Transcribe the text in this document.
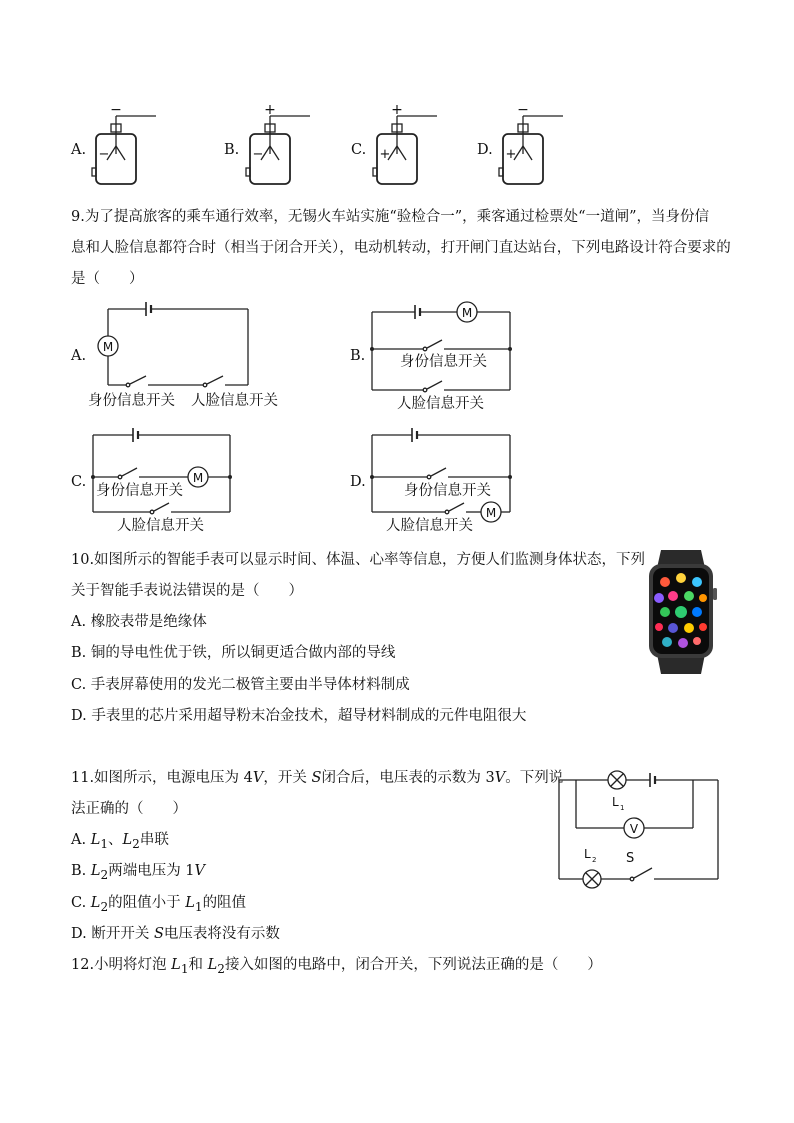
A.	B.	C.	D.
−
−
+
−
+
+
−
+
9.为了提高旅客的乘车通行效率，无锡火车站实施“验检合一”，乘客通过检票处“一道闸”，当身份信
息和人脸信息都符合时（相当于闭合开关），电动机转动，打开闸门直达站台，下列电路设计符合要求的
是（　　）
A.	B.
C.	D.
M
身份信息开关 人脸信息开关
M
身份信息开关
人脸信息开关
M
身份信息开关
人脸信息开关
M
身份信息开关
人脸信息开关
10.如图所示的智能手表可以显示时间、体温、心率等信息，方便人们监测身体状态，下列
关于智能手表说法错误的是（　　）
A. 橡胶表带是绝缘体
B. 铜的导电性优于铁，所以铜更适合做内部的导线
C. 手表屏幕使用的发光二极管主要由半导体材料制成
D. 手表里的芯片采用超导粉末冶金技术，超导材料制成的元件电阻很大
11.如图所示，电源电压为 4V，开关 S闭合后，电压表的示数为 3V。下列说
法正确的（　　）
A. $L_1$、$L_2$串联
B. $L_2$两端电压为 1V
C. $L_2$的阻值小于 $L_1$的阻值
D. 断开开关 S电压表将没有示数
V
L 1
L 2 S
12.小明将灯泡 $L_1$和 $L_2$接入如图的电路中，闭合开关，下列说法正确的是（　　）
